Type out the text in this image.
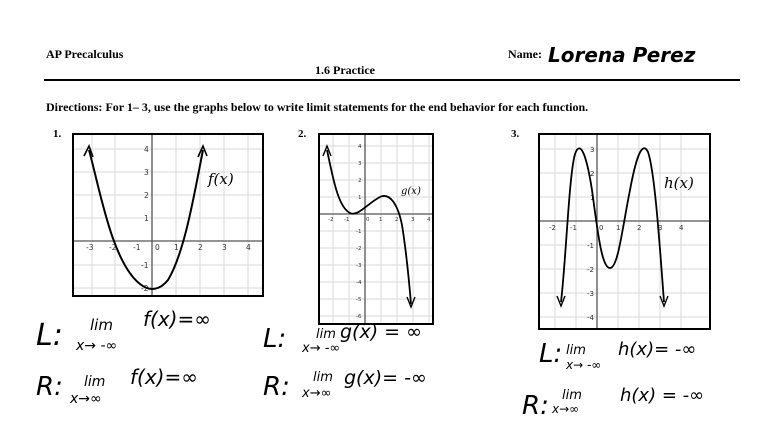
AP Precalculus	Name: Lorena Perez
1.6 Practice
Directions: For 1– 3, use the graphs below to write limit statements for the end behavior for each function.
1.	2.	3.
-3 -2 -1 0 1	2	3	4
4
3
2
1
-1
-2
f(x)
-2 -1	0 1 2 3 4
4
3
2
1
-1
-2
-3
-4
-5
-6
g(x)
-2 -1	0 1 2 3 4
3
2
1
-1
-2
-3
-4
h(x)
L: lim
x→ -∞
f(x)=∞
R: lim
x→∞
f(x)=∞
L: lim
x→ -∞
g(x) = ∞
R: lim
x→∞
g(x)= -∞
L: lim
x→ -∞
h(x)= -∞
R: lim
x→∞
h(x) = -∞
